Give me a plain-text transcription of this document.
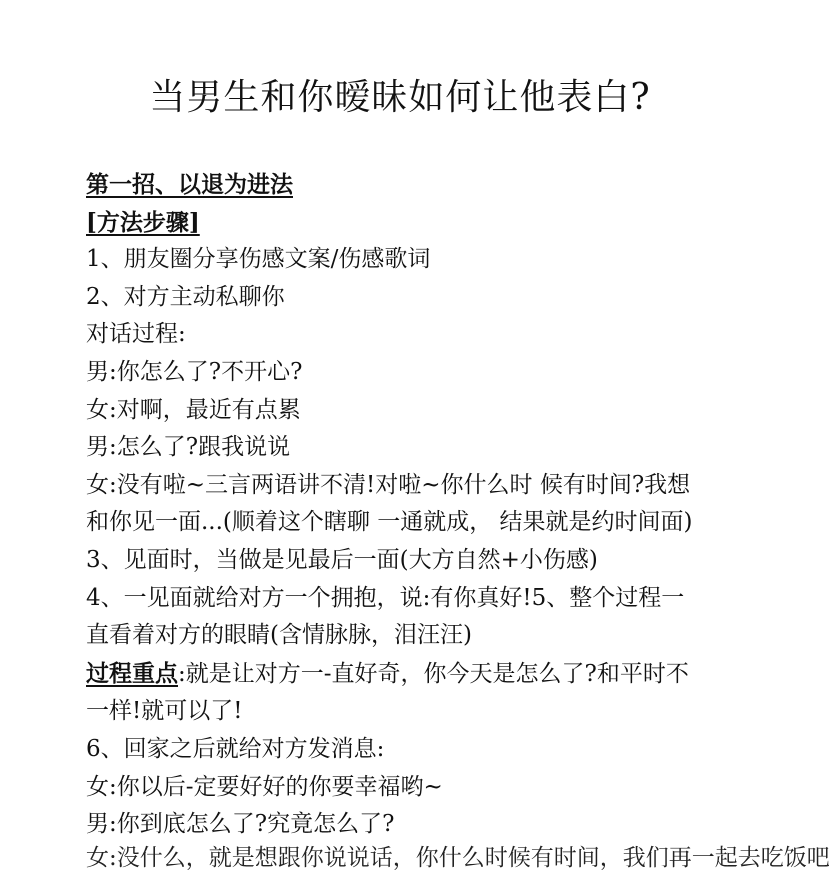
当男生和你暧昧如何让他表白?

第一招、以退为进法

[方法步骤]

1、朋友圈分享伤感文案/伤感歌词

2、对方主动私聊你

对话过程:

男:你怎么了?不开心?

女:对啊，最近有点累

男:怎么了?跟我说说

女:没有啦~三言两语讲不清!对啦~你什么时 候有时间?我想

和你见一面...(顺着这个瞎聊 一通就成， 结果就是约时间面)

3、见面时，当做是见最后一面(大方自然+小伤感)

4、一见面就给对方一个拥抱，说:有你真好!5、整个过程一

直看着对方的眼睛(含情脉脉，泪汪汪)

过程重点:就是让对方一-直好奇，你今天是怎么了?和平时不

一样!就可以了!

6、回家之后就给对方发消息:

女:你以后-定要好好的你要幸福哟~

男:你到底怎么了?究竟怎么了?

女:没什么，就是想跟你说说话，你什么时候有时间，我们再一起去吃饭吧
